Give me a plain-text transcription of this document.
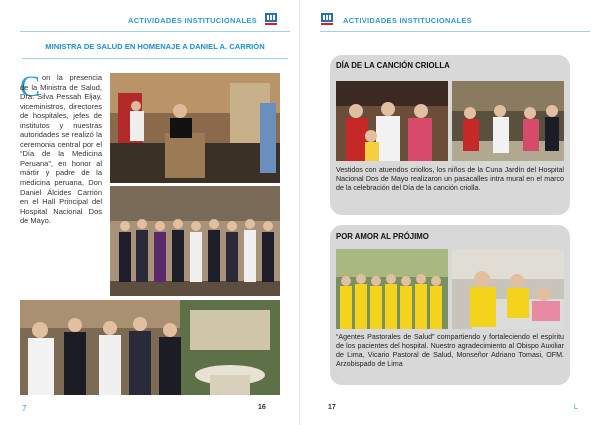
ACTIVIDADES INSTITUCIONALES
MINISTRA DE SALUD EN HOMENAJE A DANIEL A. CARRIÓN
C on la presencia de la Ministra de Salud, Dra. Silva Pessah Eljay, viceministros, directores de hospitales, jefes de institutos y nuestras autoridades se realizó la ceremonia central por el “Día de la Medicina Peruana”, en honor al mártir y padre de la medicina peruana, Don Daniel Álcides Carrión en el Hall Principal del Hospital Nacional Dos de Mayo.
16
7
ACTIVIDADES INSTITUCIONALES
17	└
DÍA DE LA CANCIÓN CRIOLLA
Vestidos con atuendos criollos, los niños de la Cuna Jardín del Hospital Nacional Dos de Mayo realizaron un pasacalles intra mural en el marco de la celebración del Día de la canción criolla.
POR AMOR AL PRÓJIMO
“Agentes Pastorales de Salud” compartiendo y fortaleciendo el espíritu de los pacientes del hospital. Nuestro agradecimiento al Obispo Auxiliar de Lima, Vicario Pastoral de Salud, Monseñor Adriano Tomasi, OFM. Arzobispado de Lima
